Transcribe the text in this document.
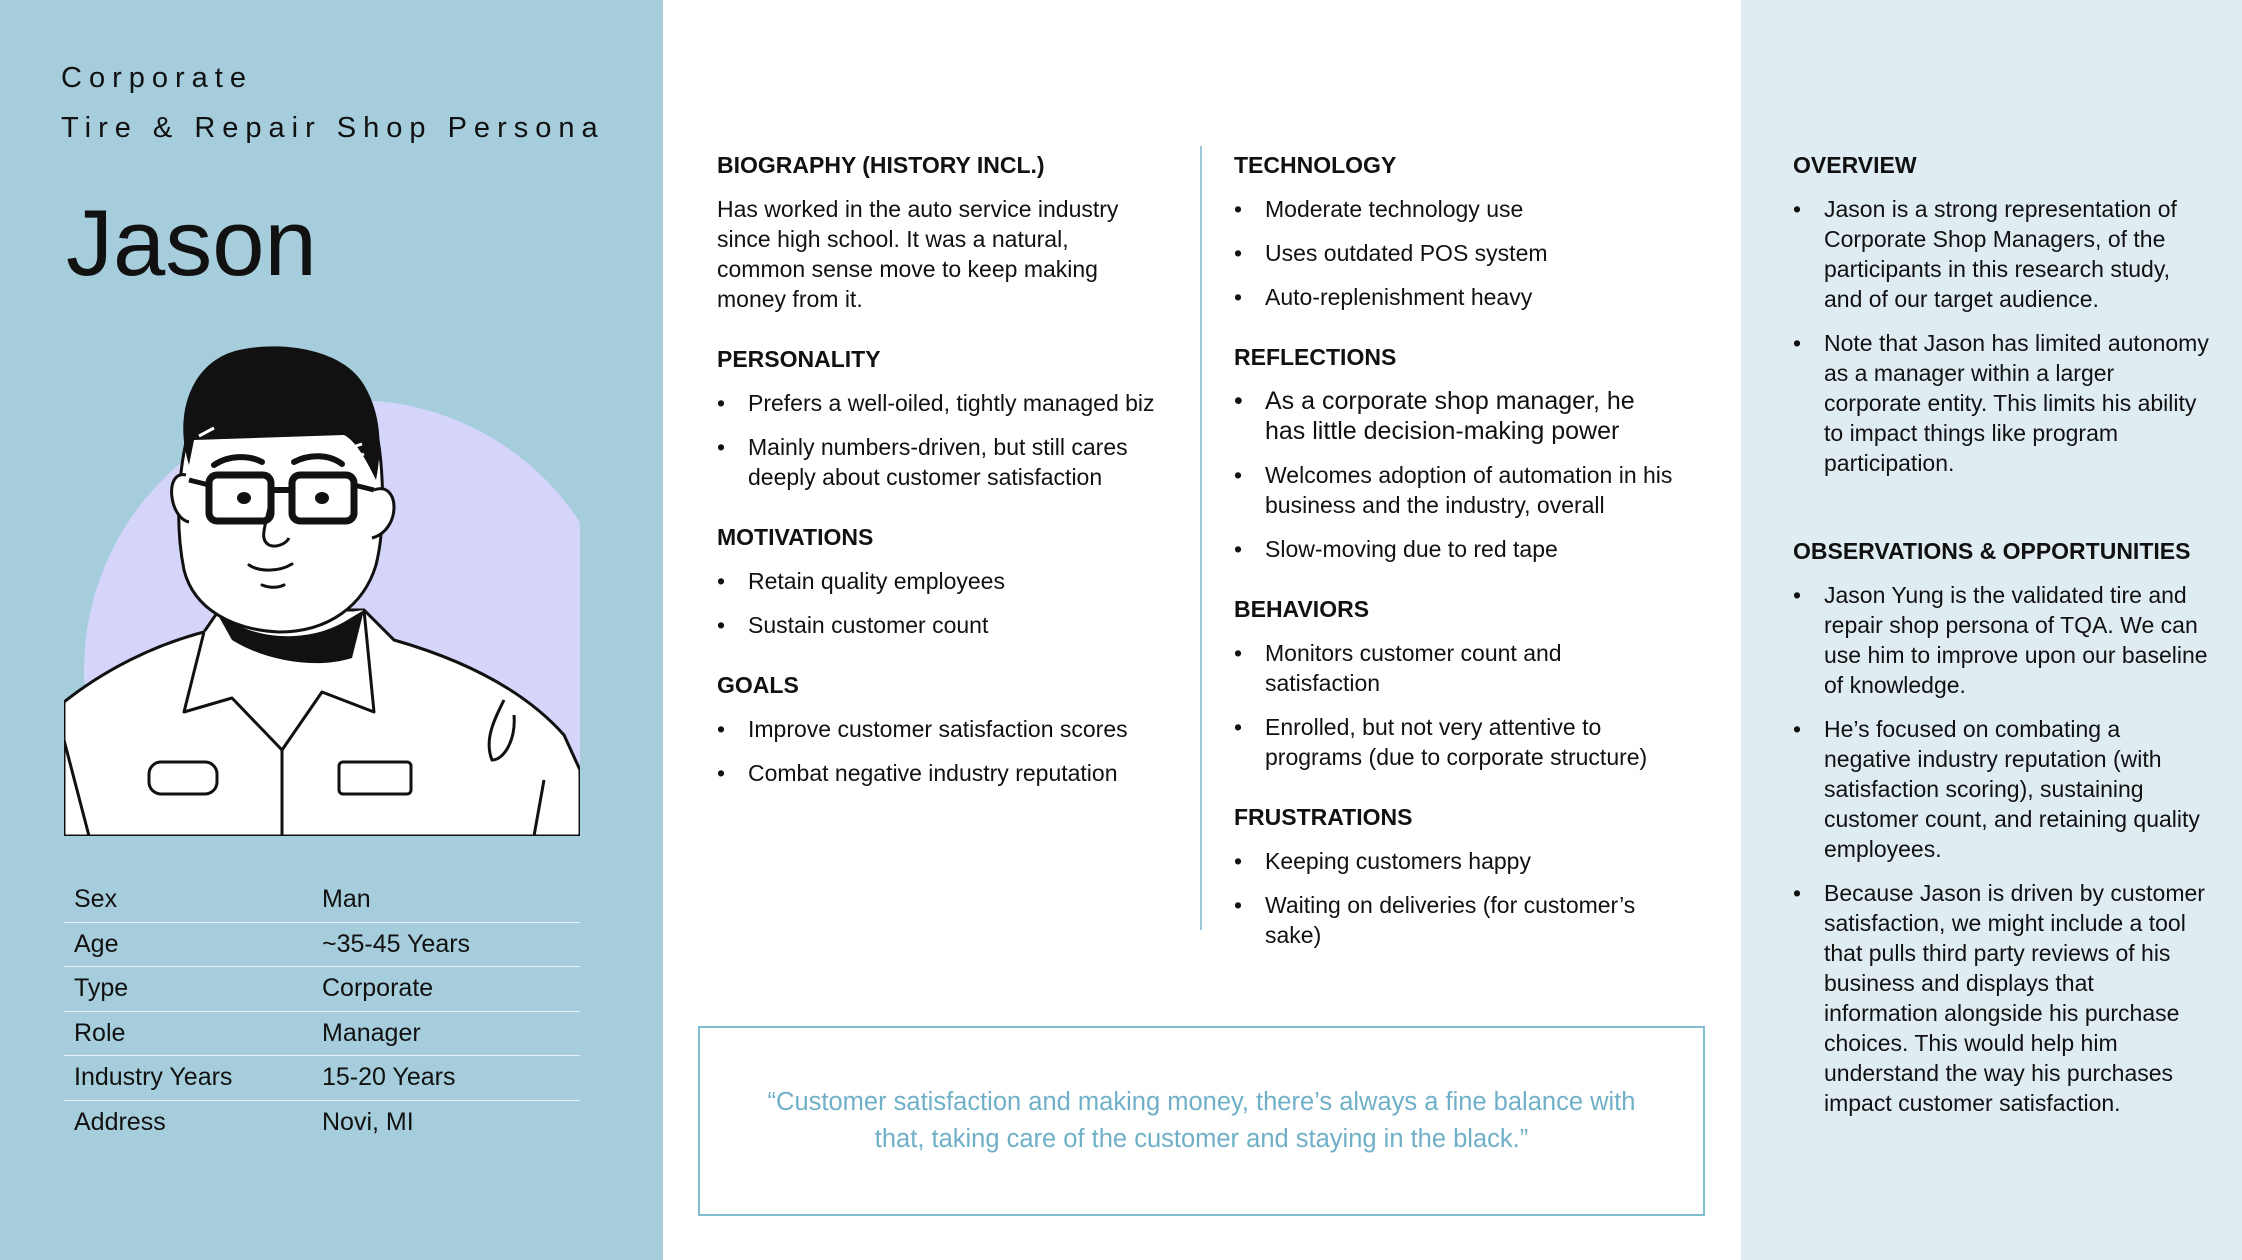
Corporate
Tire & Repair Shop Persona
Jason
Sex	Man
Age	~35-45 Years
Type	Corporate
Role	Manager
Industry Years	15-20 Years
Address	Novi, MI
BIOGRAPHY (HISTORY INCL.)
Has worked in the auto service industry since high school. It was a natural, common sense move to keep making money from it.
PERSONALITY
• Prefers a well-oiled, tightly managed biz
• Mainly numbers-driven, but still cares deeply about customer satisfaction
MOTIVATIONS
• Retain quality employees
• Sustain customer count
GOALS
• Improve customer satisfaction scores
• Combat negative industry reputation
TECHNOLOGY
• Moderate technology use
• Uses outdated POS system
• Auto-replenishment heavy
REFLECTIONS
• As a corporate shop manager, he has little decision-making power
• Welcomes adoption of automation in his business and the industry, overall
• Slow-moving due to red tape
BEHAVIORS
• Monitors customer count and satisfaction
• Enrolled, but not very attentive to programs (due to corporate structure)
FRUSTRATIONS
• Keeping customers happy
• Waiting on deliveries (for customer’s sake)
“Customer satisfaction and making money, there’s always a fine balance with that, taking care of the customer and staying in the black.”
OVERVIEW
• Jason is a strong representation of Corporate Shop Managers, of the participants in this research study, and of our target audience.
• Note that Jason has limited autonomy as a manager within a larger corporate entity. This limits his ability to impact things like program participation.
OBSERVATIONS & OPPORTUNITIES
• Jason Yung is the validated tire and repair shop persona of TQA. We can use him to improve upon our baseline of knowledge.
• He’s focused on combating a negative industry reputation (with satisfaction scoring), sustaining customer count, and retaining quality employees.
• Because Jason is driven by customer satisfaction, we might include a tool that pulls third party reviews of his business and displays that information alongside his purchase choices. This would help him understand the way his purchases impact customer satisfaction.
